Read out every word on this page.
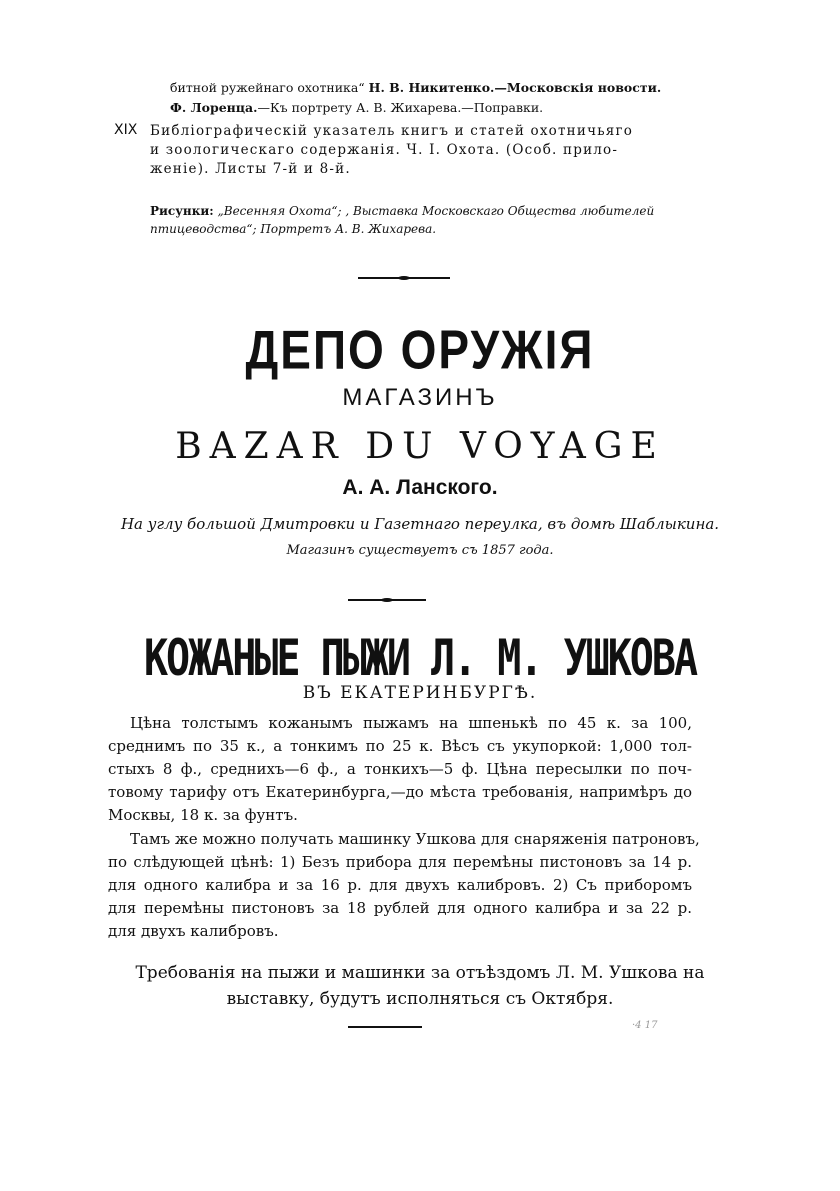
битной ружейнаго охотника“ Н. В. Никитенко.—Московскія новости.
Ф. Лоренца.—Къ портрету А. В. Жихарева.—Поправки.
XIX Библіографическій указатель книгъ и статей охотничьяго
и зоологическаго содержанія. Ч. I. Охота. (Особ. прило-
женіе). Листы 7-й и 8-й.
Рисунки: „Весенняя Охота“; , Выставка Московскаго Общества любителей
птицеводства“; Портретъ А. В. Жихарева.
ДЕПО ОРУЖІЯ
МАГАЗИНЪ
BAZAR DU VOYAGE
А. А. Ланского.
На углу большой Дмитровки и Газетнаго переулка, въ домѣ Шаблыкина.
Магазинъ существуетъ съ 1857 года.
КОЖАНЫЕ ПЫЖИ Л. М. УШКОВА
ВЪ ЕКАТЕРИНБУРГѢ.
Цѣна толстымъ кожанымъ пыжамъ на шпенькѣ по 45 к. за 100,
среднимъ по 35 к., а тонкимъ по 25 к. Вѣсъ съ укупоркой: 1,000 тол-
стыхъ 8 ф., среднихъ—6 ф., а тонкихъ—5 ф. Цѣна пересылки по поч-
товому тарифу отъ Екатеринбурга,—до мѣста требованія, напримѣръ до
Москвы, 18 к. за фунтъ.
Тамъ же можно получать машинку Ушкова для снаряженія патроновъ,
по слѣдующей цѣнѣ: 1) Безъ прибора для перемѣны пистоновъ за 14 р.
для одного калибра и за 16 р. для двухъ калибровъ. 2) Съ приборомъ
для перемѣны пистоновъ за 18 рублей для одного калибра и за 22 р.
для двухъ калибровъ.
Требованія на пыжи и машинки за отъѣздомъ Л. М. Ушкова на
выставку, будутъ исполняться съ Октября.
·4 17
